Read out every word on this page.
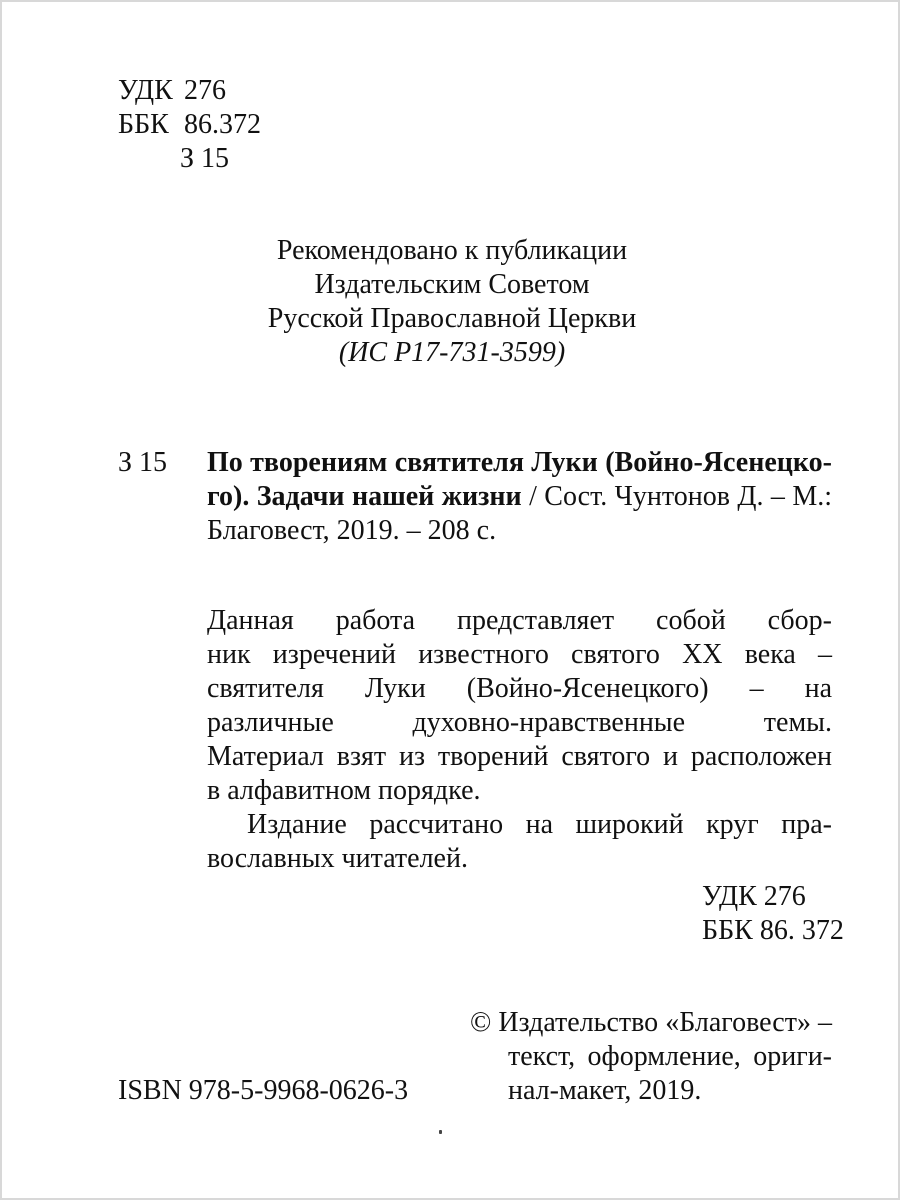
УДК 276
ББК 86.372
З 15
Рекомендовано к публикации
Издательским Советом
Русской Православной Церкви
(ИС Р17-731-3599)
З 15 По творениям святителя Луки (Войно-Ясенецко-
го). Задачи нашей жизни / Сост. Чунтонов Д. – М.:
Благовест, 2019. – 208 с.
Данная работа представляет собой сбор-
ник изречений известного святого XX века –
святителя Луки (Войно-Ясенецкого) – на
различные духовно-нравственные темы.
Материал взят из творений святого и расположен
в алфавитном порядке.
Издание рассчитано на широкий круг пра-
вославных читателей.
УДК 276
ББК 86. 372
© Издательство «Благовест» –
текст, оформление, ориги-
нал-макет, 2019.
ISBN 978-5-9968-0626-3
